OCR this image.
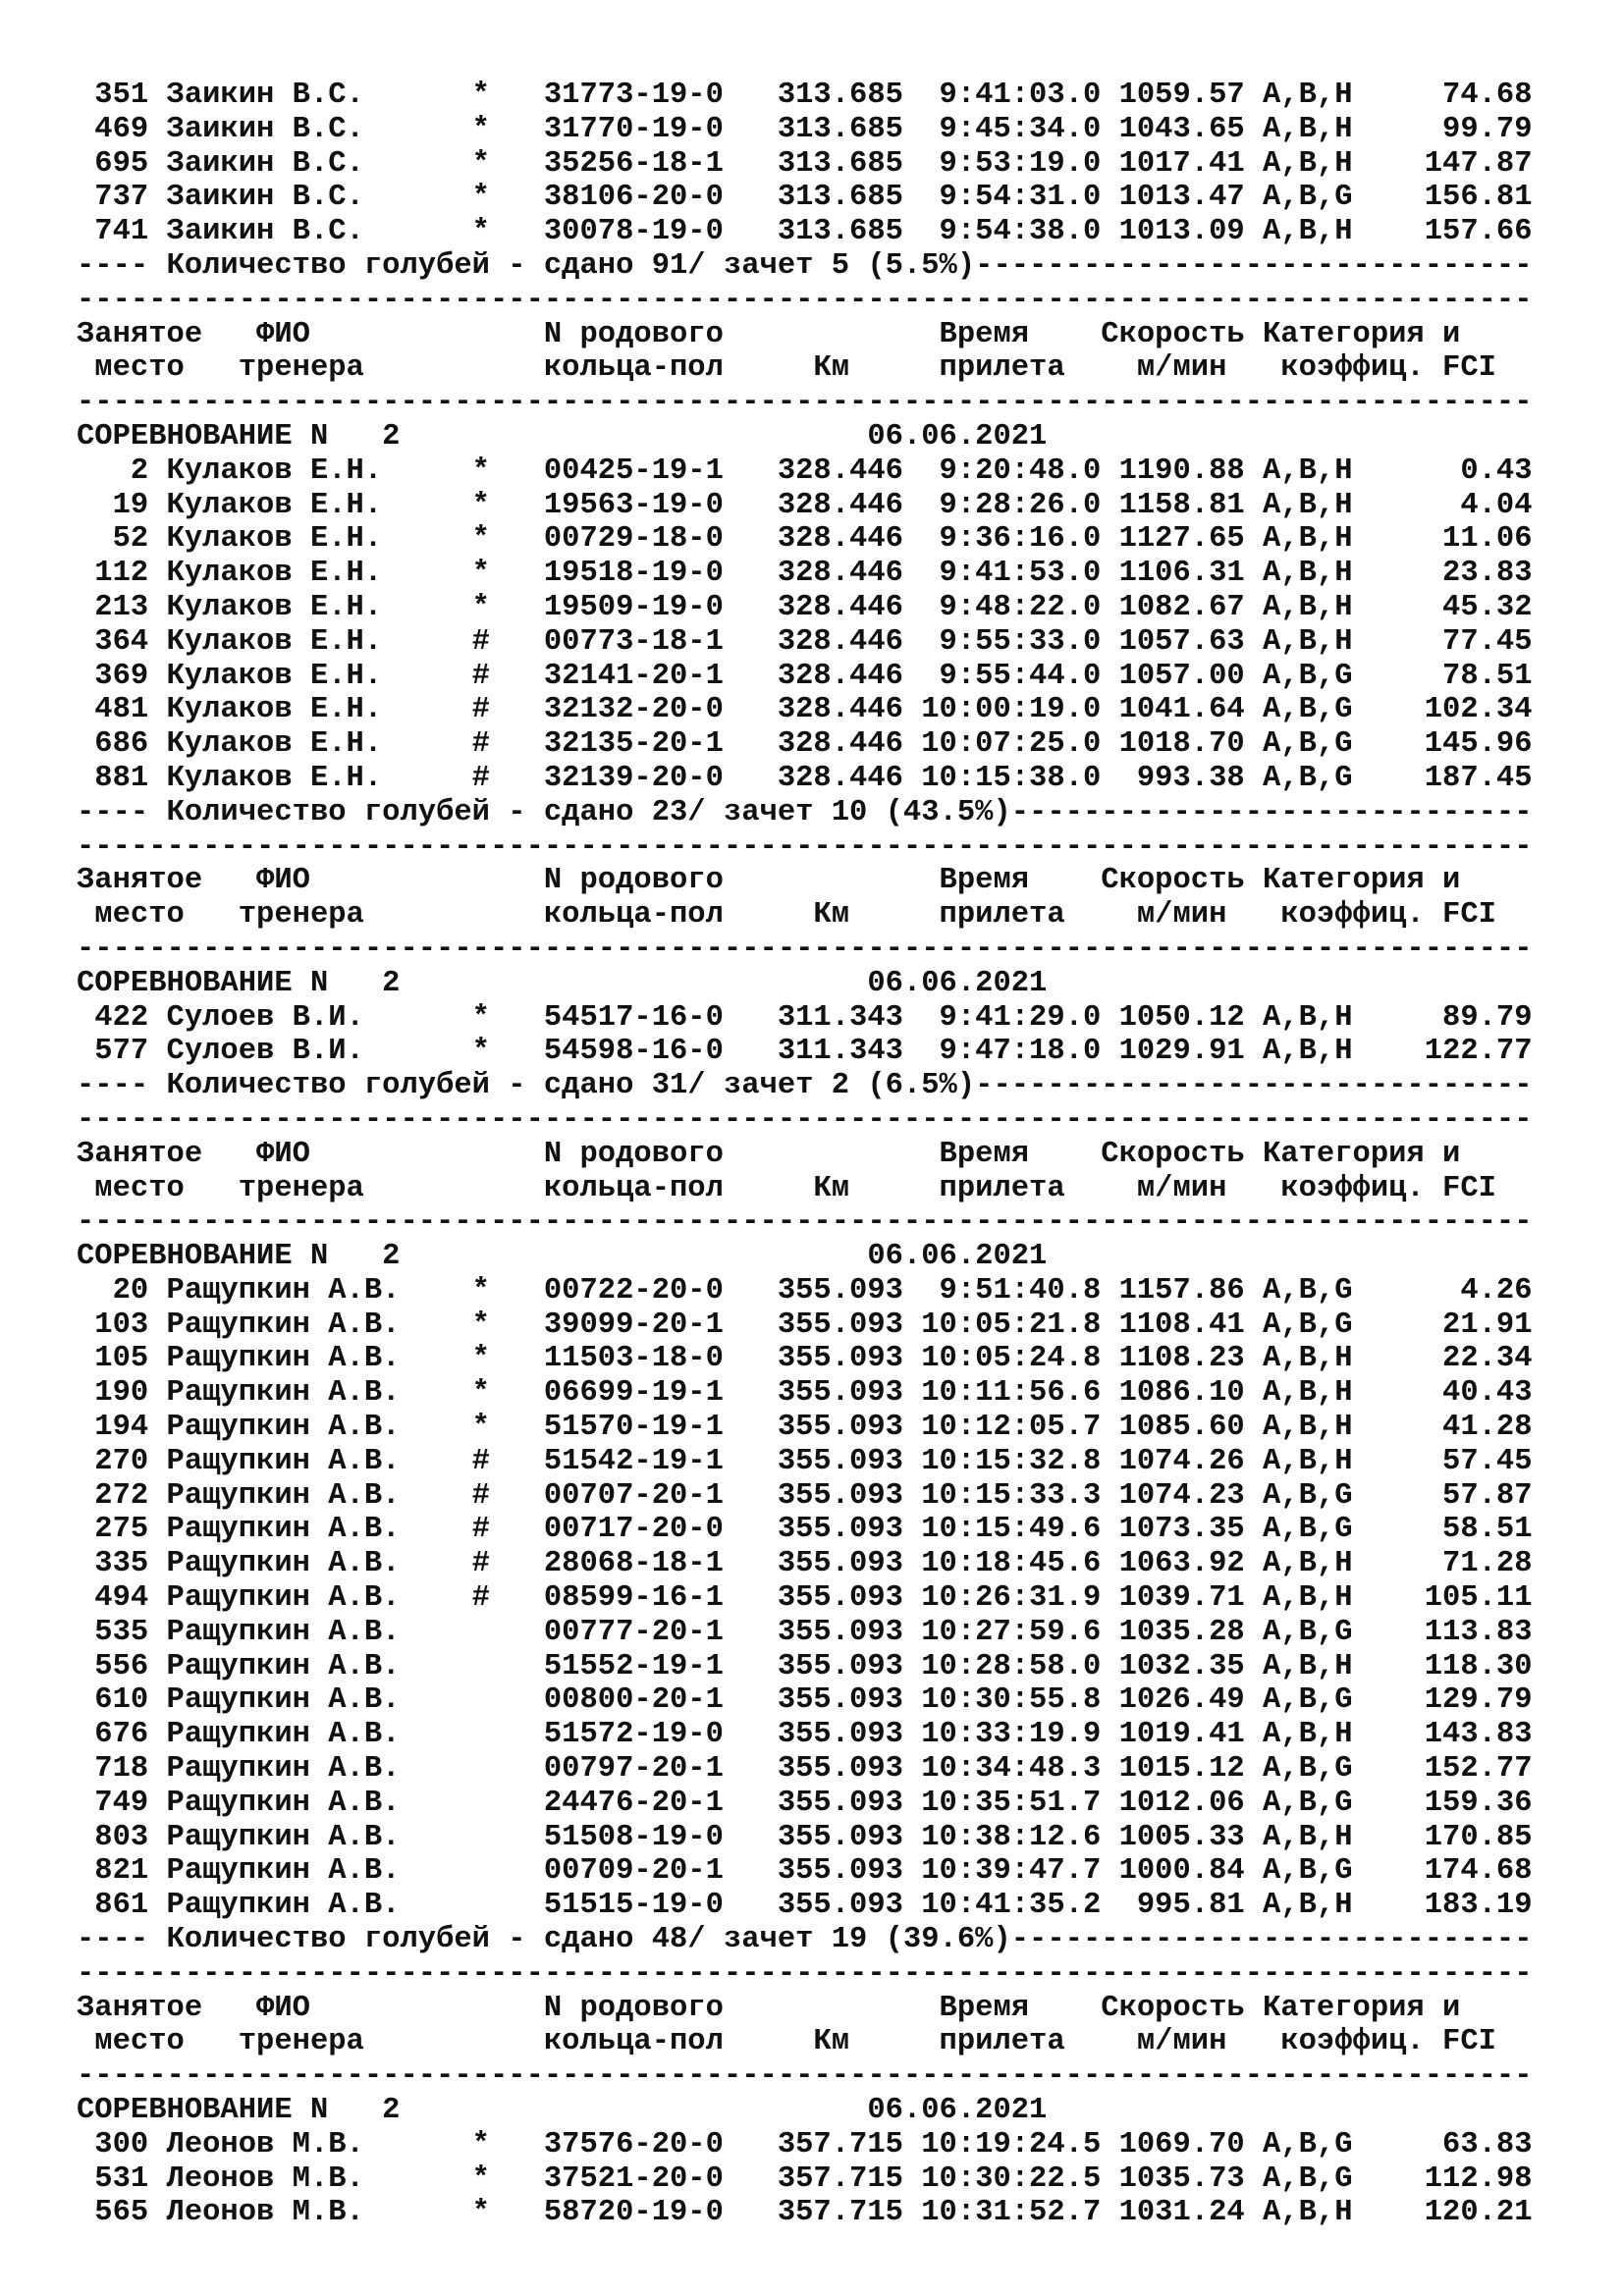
351 Заикин В.С.      *   31773-19-0   313.685  9:41:03.0 1059.57 A,B,H     74.68
469 Заикин В.С.      *   31770-19-0   313.685  9:45:34.0 1043.65 A,B,H     99.79
695 Заикин В.С.      *   35256-18-1   313.685  9:53:19.0 1017.41 A,B,H    147.87
737 Заикин В.С.      *   38106-20-0   313.685  9:54:31.0 1013.47 A,B,G    156.81
741 Заикин В.С.      *   30078-19-0   313.685  9:54:38.0 1013.09 A,B,H    157.66
---- Количество голубей - сдано 91/ зачет 5 (5.5%)-------------------------------
---------------------------------------------------------------------------------
Занятое   ФИО             N родового            Время    Скорость Категория и
место   тренера          кольца-пол     Км     прилета    м/мин   коэффиц. FCI
---------------------------------------------------------------------------------
СОРЕВНОВАНИЕ N   2                          06.06.2021
2 Кулаков Е.Н.     *   00425-19-1   328.446  9:20:48.0 1190.88 A,B,H      0.43
19 Кулаков Е.Н.     *   19563-19-0   328.446  9:28:26.0 1158.81 A,B,H      4.04
52 Кулаков Е.Н.     *   00729-18-0   328.446  9:36:16.0 1127.65 A,B,H     11.06
112 Кулаков Е.Н.     *   19518-19-0   328.446  9:41:53.0 1106.31 A,B,H     23.83
213 Кулаков Е.Н.     *   19509-19-0   328.446  9:48:22.0 1082.67 A,B,H     45.32
364 Кулаков Е.Н.     #   00773-18-1   328.446  9:55:33.0 1057.63 A,B,H     77.45
369 Кулаков Е.Н.     #   32141-20-1   328.446  9:55:44.0 1057.00 A,B,G     78.51
481 Кулаков Е.Н.     #   32132-20-0   328.446 10:00:19.0 1041.64 A,B,G    102.34
686 Кулаков Е.Н.     #   32135-20-1   328.446 10:07:25.0 1018.70 A,B,G    145.96
881 Кулаков Е.Н.     #   32139-20-0   328.446 10:15:38.0  993.38 A,B,G    187.45
---- Количество голубей - сдано 23/ зачет 10 (43.5%)-----------------------------
---------------------------------------------------------------------------------
Занятое   ФИО             N родового            Время    Скорость Категория и
место   тренера          кольца-пол     Км     прилета    м/мин   коэффиц. FCI
---------------------------------------------------------------------------------
СОРЕВНОВАНИЕ N   2                          06.06.2021
422 Сулоев В.И.      *   54517-16-0   311.343  9:41:29.0 1050.12 A,B,H     89.79
577 Сулоев В.И.      *   54598-16-0   311.343  9:47:18.0 1029.91 A,B,H    122.77
---- Количество голубей - сдано 31/ зачет 2 (6.5%)-------------------------------
---------------------------------------------------------------------------------
Занятое   ФИО             N родового            Время    Скорость Категория и
место   тренера          кольца-пол     Км     прилета    м/мин   коэффиц. FCI
---------------------------------------------------------------------------------
СОРЕВНОВАНИЕ N   2                          06.06.2021
20 Ращупкин А.В.    *   00722-20-0   355.093  9:51:40.8 1157.86 A,B,G      4.26
103 Ращупкин А.В.    *   39099-20-1   355.093 10:05:21.8 1108.41 A,B,G     21.91
105 Ращупкин А.В.    *   11503-18-0   355.093 10:05:24.8 1108.23 A,B,H     22.34
190 Ращупкин А.В.    *   06699-19-1   355.093 10:11:56.6 1086.10 A,B,H     40.43
194 Ращупкин А.В.    *   51570-19-1   355.093 10:12:05.7 1085.60 A,B,H     41.28
270 Ращупкин А.В.    #   51542-19-1   355.093 10:15:32.8 1074.26 A,B,H     57.45
272 Ращупкин А.В.    #   00707-20-1   355.093 10:15:33.3 1074.23 A,B,G     57.87
275 Ращупкин А.В.    #   00717-20-0   355.093 10:15:49.6 1073.35 A,B,G     58.51
335 Ращупкин А.В.    #   28068-18-1   355.093 10:18:45.6 1063.92 A,B,H     71.28
494 Ращупкин А.В.    #   08599-16-1   355.093 10:26:31.9 1039.71 A,B,H    105.11
535 Ращупкин А.В.        00777-20-1   355.093 10:27:59.6 1035.28 A,B,G    113.83
556 Ращупкин А.В.        51552-19-1   355.093 10:28:58.0 1032.35 A,B,H    118.30
610 Ращупкин А.В.        00800-20-1   355.093 10:30:55.8 1026.49 A,B,G    129.79
676 Ращупкин А.В.        51572-19-0   355.093 10:33:19.9 1019.41 A,B,H    143.83
718 Ращупкин А.В.        00797-20-1   355.093 10:34:48.3 1015.12 A,B,G    152.77
749 Ращупкин А.В.        24476-20-1   355.093 10:35:51.7 1012.06 A,B,G    159.36
803 Ращупкин А.В.        51508-19-0   355.093 10:38:12.6 1005.33 A,B,H    170.85
821 Ращупкин А.В.        00709-20-1   355.093 10:39:47.7 1000.84 A,B,G    174.68
861 Ращупкин А.В.        51515-19-0   355.093 10:41:35.2  995.81 A,B,H    183.19
---- Количество голубей - сдано 48/ зачет 19 (39.6%)-----------------------------
---------------------------------------------------------------------------------
Занятое   ФИО             N родового            Время    Скорость Категория и
место   тренера          кольца-пол     Км     прилета    м/мин   коэффиц. FCI
---------------------------------------------------------------------------------
СОРЕВНОВАНИЕ N   2                          06.06.2021
300 Леонов М.В.      *   37576-20-0   357.715 10:19:24.5 1069.70 A,B,G     63.83
531 Леонов М.В.      *   37521-20-0   357.715 10:30:22.5 1035.73 A,B,G    112.98
565 Леонов М.В.      *   58720-19-0   357.715 10:31:52.7 1031.24 A,B,H    120.21
